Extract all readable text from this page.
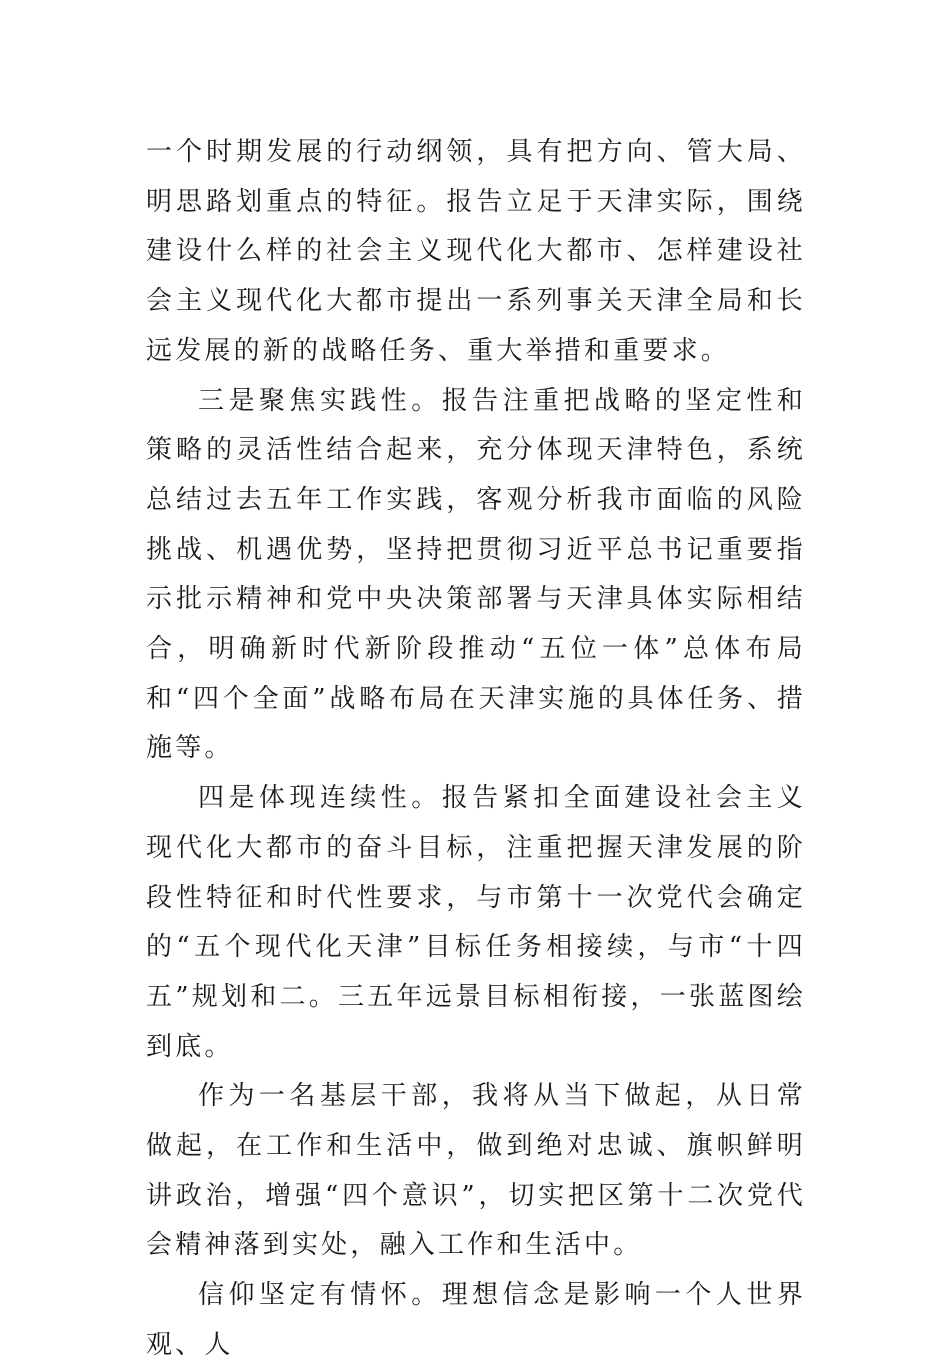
一个时期发展的行动纲领，具有把方向、管大局、明思路划重点的特征。报告立足于天津实际，围绕建设什么样的社会主义现代化大都市、怎样建设社会主义现代化大都市提出一系列事关天津全局和长远发展的新的战略任务、重大举措和重要求。

三是聚焦实践性。报告注重把战略的坚定性和策略的灵活性结合起来，充分体现天津特色，系统总结过去五年工作实践，客观分析我市面临的风险挑战、机遇优势，坚持把贯彻习近平总书记重要指示批示精神和党中央决策部署与天津具体实际相结合，明确新时代新阶段推动“五位一体”总体布局和“四个全面”战略布局在天津实施的具体任务、措施等。

四是体现连续性。报告紧扣全面建设社会主义现代化大都市的奋斗目标，注重把握天津发展的阶段性特征和时代性要求，与市第十一次党代会确定的“五个现代化天津”目标任务相接续，与市“十四五”规划和二。三五年远景目标相衔接，一张蓝图绘到底。

作为一名基层干部，我将从当下做起，从日常做起，在工作和生活中，做到绝对忠诚、旗帜鲜明讲政治，增强“四个意识”，切实把区第十二次党代会精神落到实处，融入工作和生活中。

信仰坚定有情怀。理想信念是影响一个人世界观、人
